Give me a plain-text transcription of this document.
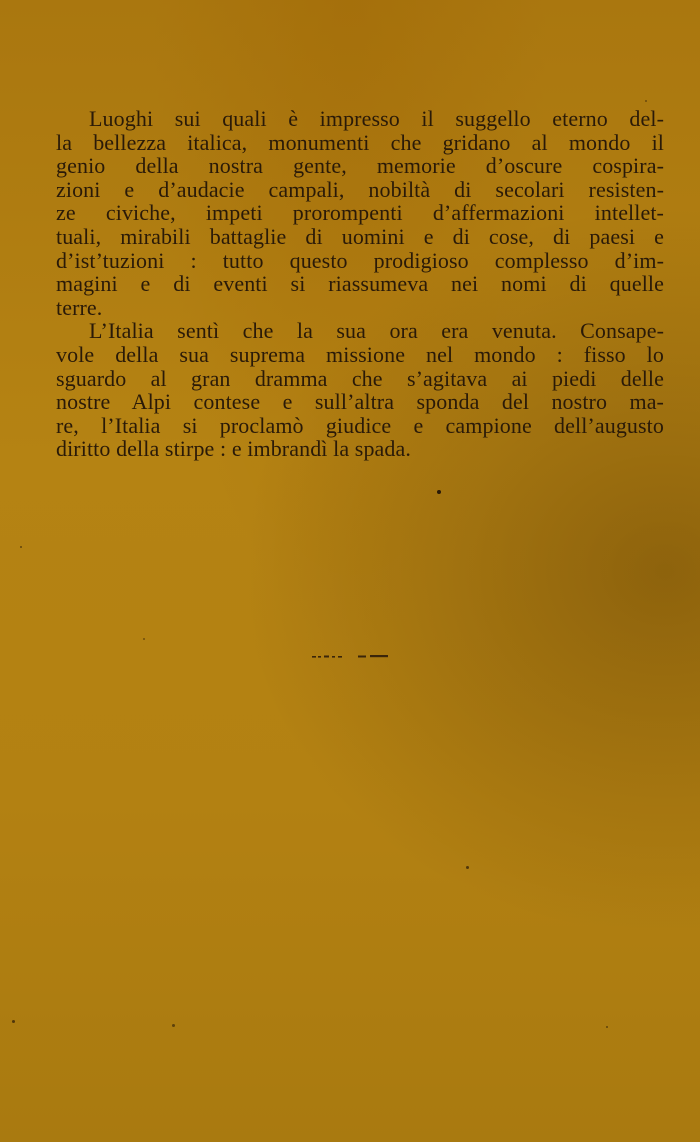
Luoghi sui quali è impresso il suggello eterno del-
la bellezza italica, monumenti che gridano al mondo il
genio della nostra gente, memorie d’oscure cospira-
zioni e d’audacie campali, nobiltà di secolari resisten-
ze civiche, impeti prorompenti d’affermazioni intellet-
tuali, mirabili battaglie di uomini e di cose, di paesi e
d’ist’tuzioni : tutto questo prodigioso complesso d’im-
magini e di eventi si riassumeva nei nomi di quelle
terre.
L’Italia sentì che la sua ora era venuta. Consape-
vole della sua suprema missione nel mondo : fisso lo
sguardo al gran dramma che s’agitava ai piedi delle
nostre Alpi contese e sull’altra sponda del nostro ma-
re, l’Italia si proclamò giudice e campione dell’augusto
diritto della stirpe : e imbrandì la spada.
